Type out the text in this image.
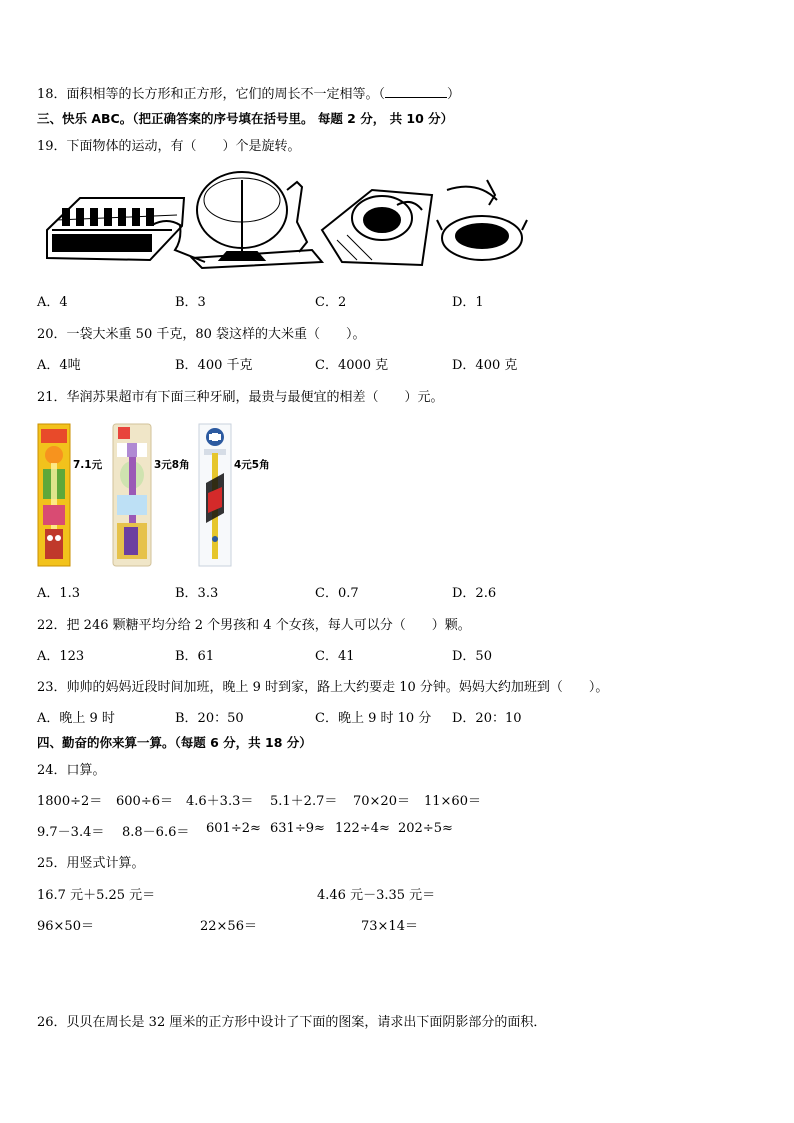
18．面积相等的长方形和正方形，它们的周长不一定相等。（	）
三、快乐 ABC。（把正确答案的序号填在括号里。 每题 2 分， 共 10 分）
19．下面物体的运动，有（　　）个是旋转。
A．4	B．3	C．2	D．1
20．一袋大米重 50 千克，80 袋这样的大米重（　　）。
A．4吨	B．400 千克	C．4000 克	D．400 克
21．华润苏果超市有下面三种牙刷，最贵与最便宜的相差（　　）元。
7.1元	3元8角	4元5角
A．1.3	B．3.3	C．0.7	D．2.6
22．把 246 颗糖平均分给 2 个男孩和 4 个女孩，每人可以分（　　）颗。
A．123	B．61	C．41	D．50
23．帅帅的妈妈近段时间加班，晚上 9 时到家，路上大约要走 10 分钟。妈妈大约加班到（　　）。
A．晚上 9 时	B．20：50	C．晚上 9 时 10 分 D．20：10
四、勤奋的你来算一算。（每题 6 分，共 18 分）
24．口算。
1800÷2＝ 600÷6＝ 4.6＋3.3＝ 5.1＋2.7＝ 70×20＝ 11×60＝
9.7－3.4＝ 8.8－6.6＝ 601÷2≈ 631÷9≈ 122÷4≈ 202÷5≈
25．用竖式计算。
16.7 元＋5.25 元＝	4.46 元－3.35 元＝
96×50＝	22×56＝	73×14＝
26．贝贝在周长是 32 厘米的正方形中设计了下面的图案，请求出下面阴影部分的面积．
